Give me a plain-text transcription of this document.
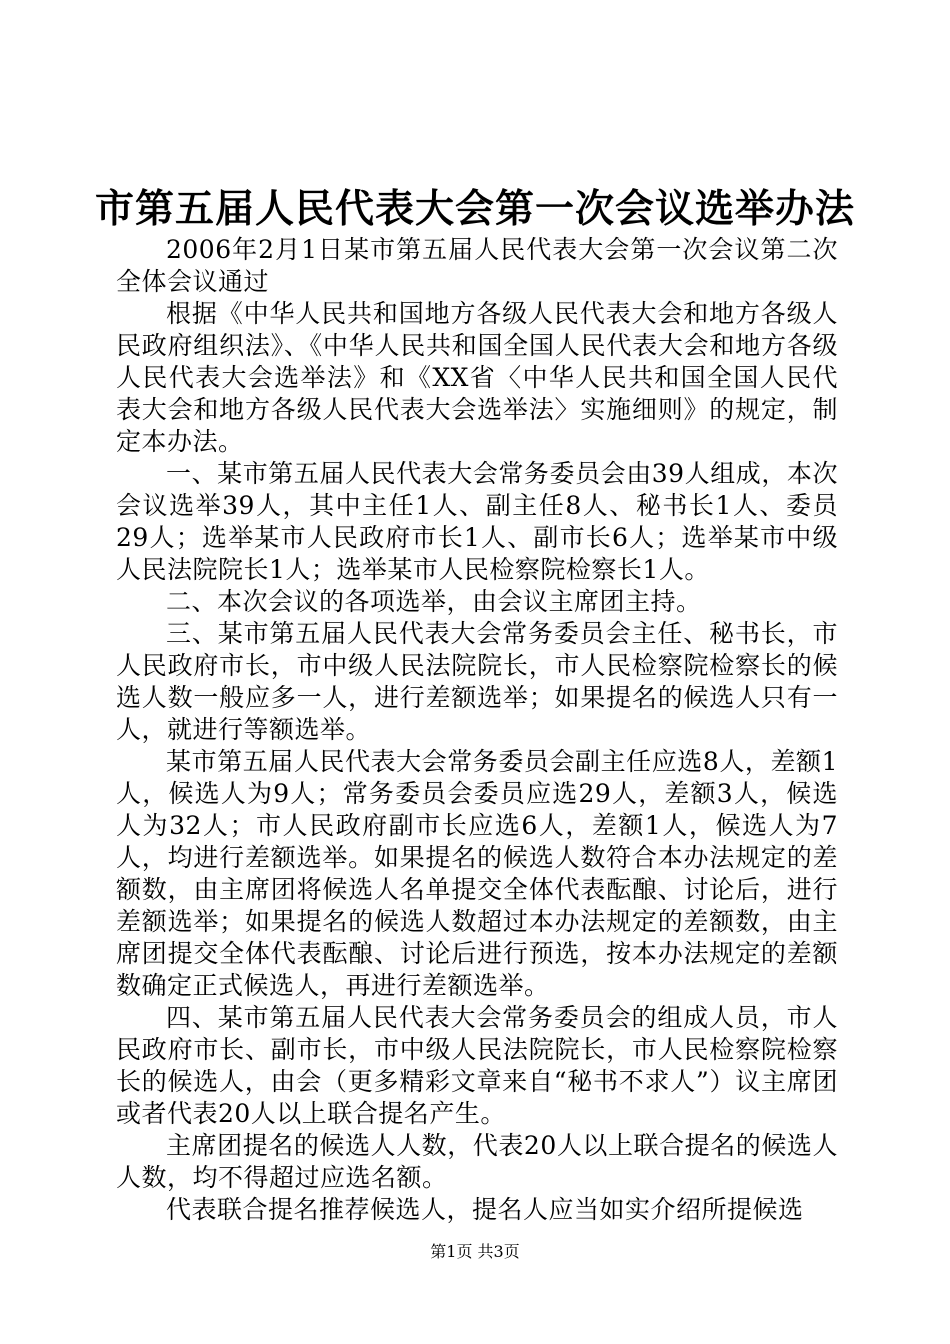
市第五届人民代表大会第一次会议选举办法

2006年2月1日某市第五届人民代表大会第一次会议第二次全体会议通过

根据《中华人民共和国地方各级人民代表大会和地方各级人民政府组织法》、《中华人民共和国全国人民代表大会和地方各级人民代表大会选举法》和《XX省〈中华人民共和国全国人民代表大会和地方各级人民代表大会选举法〉实施细则》的规定，制定本办法。

一、某市第五届人民代表大会常务委员会由39人组成，本次会议选举39人，其中主任1人、副主任8人、秘书长1人、委员29人；选举某市人民政府市长1人、副市长6人；选举某市中级人民法院院长1人；选举某市人民检察院检察长1人。

二、本次会议的各项选举，由会议主席团主持。

三、某市第五届人民代表大会常务委员会主任、秘书长，市人民政府市长，市中级人民法院院长，市人民检察院检察长的候选人数一般应多一人，进行差额选举；如果提名的候选人只有一人，就进行等额选举。

某市第五届人民代表大会常务委员会副主任应选8人，差额1人，候选人为9人；常务委员会委员应选29人，差额3人，候选人为32人；市人民政府副市长应选6人，差额1人，候选人为7人，均进行差额选举。如果提名的候选人数符合本办法规定的差额数，由主席团将候选人名单提交全体代表酝酿、讨论后，进行差额选举；如果提名的候选人数超过本办法规定的差额数，由主席团提交全体代表酝酿、讨论后进行预选，按本办法规定的差额数确定正式候选人，再进行差额选举。

四、某市第五届人民代表大会常务委员会的组成人员，市人民政府市长、副市长，市中级人民法院院长，市人民检察院检察长的候选人，由会（更多精彩文章来自“秘书不求人”）议主席团或者代表20人以上联合提名产生。

主席团提名的候选人人数，代表20人以上联合提名的候选人人数，均不得超过应选名额。

代表联合提名推荐候选人，提名人应当如实介绍所提候选

第1页 共3页
